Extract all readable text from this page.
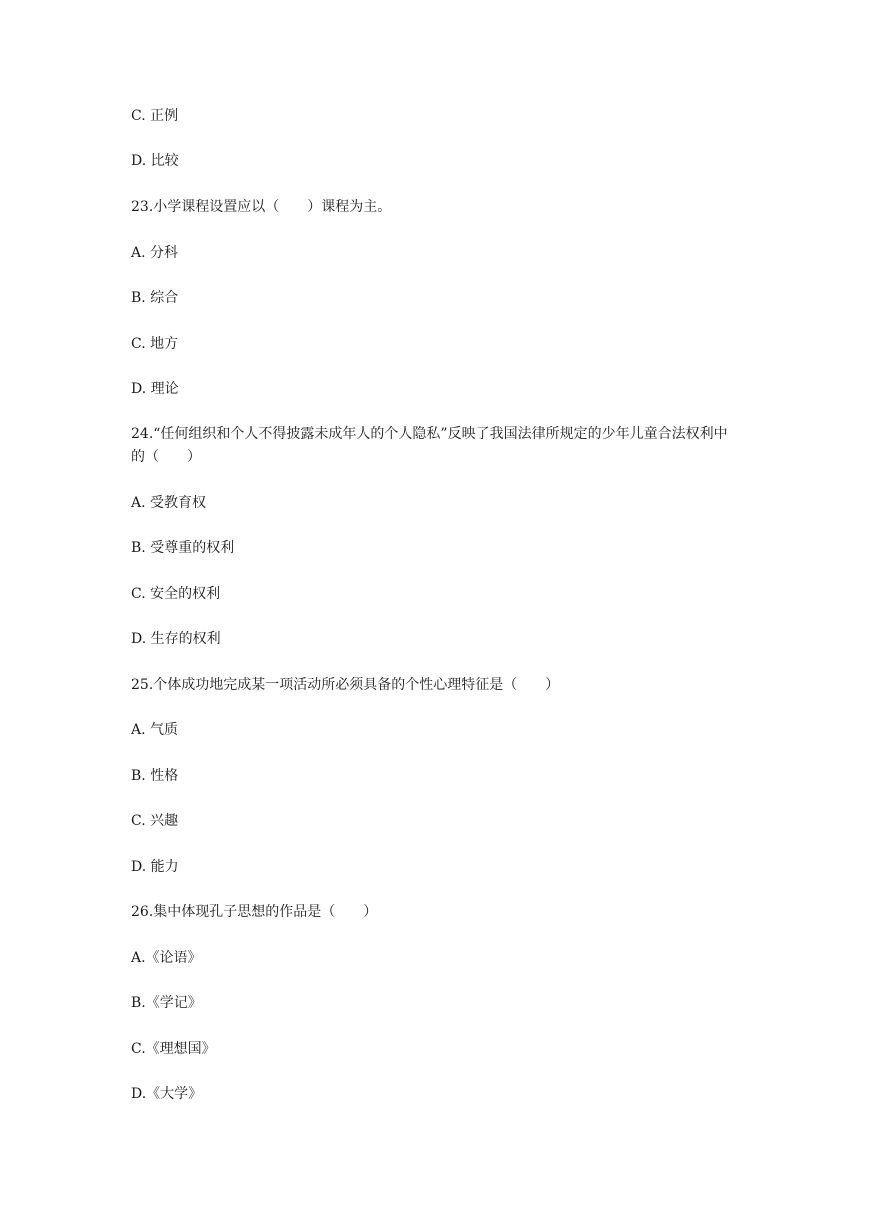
C. 正例
D. 比较
23.小学课程设置应以（　　）课程为主。
A. 分科
B. 综合
C. 地方
D. 理论
24.“任何组织和个人不得披露未成年人的个人隐私”反映了我国法律所规定的少年儿童合法权利中的（　　）
A. 受教育权
B. 受尊重的权利
C. 安全的权利
D. 生存的权利
25.个体成功地完成某一项活动所必须具备的个性心理特征是（　　）
A. 气质
B. 性格
C. 兴趣
D. 能力
26.集中体现孔子思想的作品是（　　）
A.《论语》
B.《学记》
C.《理想国》
D.《大学》
